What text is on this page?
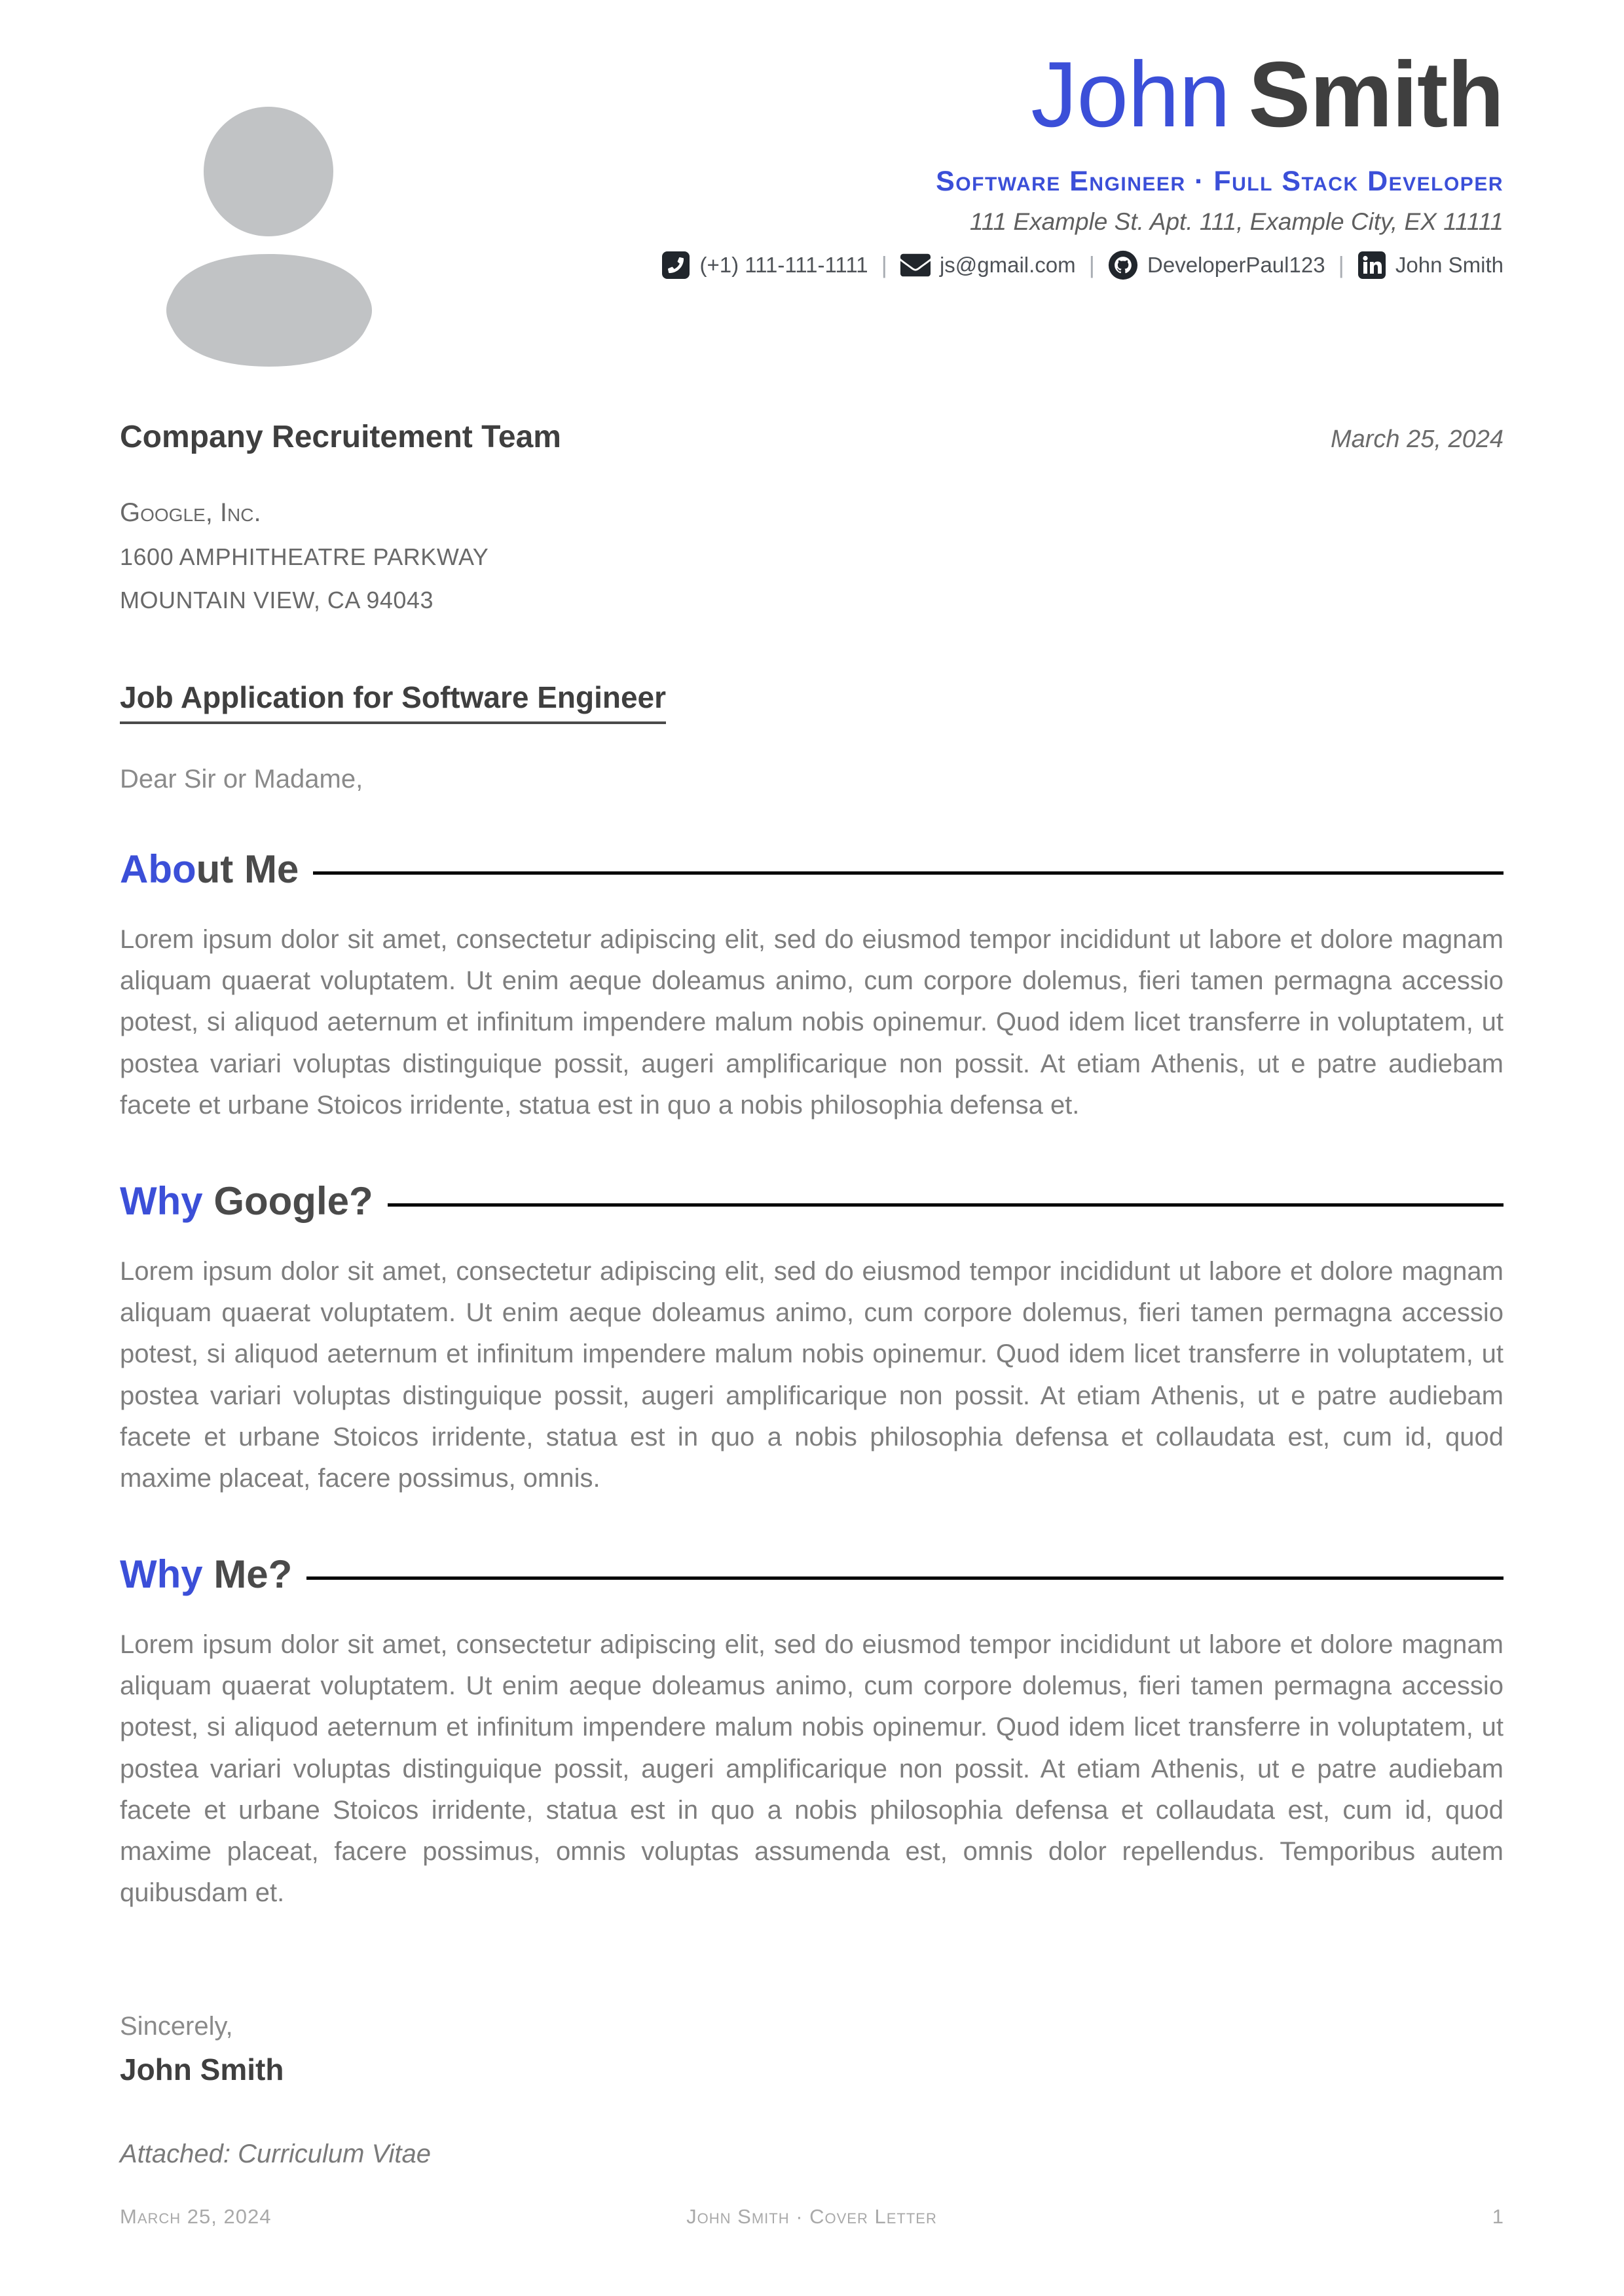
John Smith
Software Engineer · Full Stack Developer
111 Example St. Apt. 111, Example City, EX 11111
(+1) 111-111-1111 | js@gmail.com | DeveloperPaul123 | John Smith
Company Recruitement Team	March 25, 2024
Google, Inc.
1600 AMPHITHEATRE PARKWAY
MOUNTAIN VIEW, CA 94043
Job Application for Software Engineer
Dear Sir or Madame,
Abo ut Me

Lorem ipsum dolor sit amet, consectetur adipiscing elit, sed do eiusmod tempor incididunt ut labore et dolore magnam aliquam quaerat voluptatem. Ut enim aeque doleamus animo, cum corpore dolemus, fieri tamen permagna accessio potest, si aliquod aeternum et infinitum impendere malum nobis opinemur. Quod idem licet transferre in voluptatem, ut postea variari voluptas distinguique possit, augeri amplificarique non possit. At etiam Athenis, ut e patre audiebam facete et urbane Stoicos irridente, statua est in quo a nobis philosophia defensa et.

Why Google?

Lorem ipsum dolor sit amet, consectetur adipiscing elit, sed do eiusmod tempor incididunt ut labore et dolore magnam aliquam quaerat voluptatem. Ut enim aeque doleamus animo, cum corpore dolemus, fieri tamen permagna accessio potest, si aliquod aeternum et infinitum impendere malum nobis opinemur. Quod idem licet transferre in voluptatem, ut postea variari voluptas distinguique possit, augeri amplificarique non possit. At etiam Athenis, ut e patre audiebam facete et urbane Stoicos irridente, statua est in quo a nobis philosophia defensa et collaudata est, cum id, quod maxime placeat, facere possimus, omnis.

Why Me?

Lorem ipsum dolor sit amet, consectetur adipiscing elit, sed do eiusmod tempor incididunt ut labore et dolore magnam aliquam quaerat voluptatem. Ut enim aeque doleamus animo, cum corpore dolemus, fieri tamen permagna accessio potest, si aliquod aeternum et infinitum impendere malum nobis opinemur. Quod idem licet transferre in voluptatem, ut postea variari voluptas distinguique possit, augeri amplificarique non possit. At etiam Athenis, ut e patre audiebam facete et urbane Stoicos irridente, statua est in quo a nobis philosophia defensa et collaudata est, cum id, quod maxime placeat, facere possimus, omnis voluptas assumenda est, omnis dolor repellendus. Temporibus autem quibusdam et.

Sincerely,
John Smith
Attached: Curriculum Vitae
March 25, 2024	John Smith · Cover Letter	1
